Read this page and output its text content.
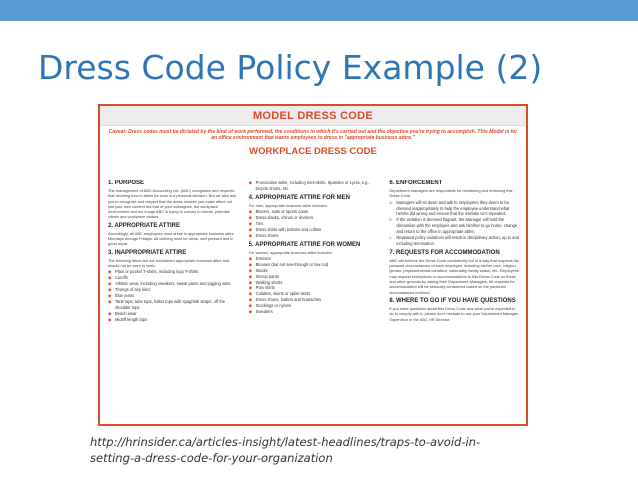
Dress Code Policy Example (2)
MODEL DRESS CODE
Caveat: Dress codes must be dictated by the kind of work performed, the conditions in which it's carried out and the objective you're trying to accomplish. This Model is for an office environment that wants employees to dress in "appropriate business attire."
WORKPLACE DRESS CODE
1. PURPOSE

The management of ABC Accounting Ltd. (ABC) recognizes and respects that deciding how to dress for work is a personal decision. But we also ask you to recognize and respect that the dress choices you make affect not just your own comfort but that of your colleagues, the workplace environment and the image ABC is trying to convey to clients, potential clients and workplace visitors.

2. APPROPRIATE ATTIRE

Accordingly, all ABC employees must dress in appropriate business attire Mondays through Fridays. All clothing must be clean, well pressed and in good repair.

3. INAPPROPRIATE ATTIRE

The following items are not considered appropriate business attire and should not be worn to work:

◆ Plain or pocket T-shirts, including logo T-shirts
◆ Cutoffs
◆ Athletic wear, including sneakers, sweat pants and jogging suits
◆ Thongs of any kind
◆ Blue jeans
◆ Tank tops, tube tops, halter tops with spaghetti straps, off the shoulder tops
◆ Beach wear
◆ Midriff length tops
◆ Provocative attire, including mini-skirts, Spandex or Lycra, e.g., bicycle shorts, etc.
4. APPROPRIATE ATTIRE FOR MEN

For men, appropriate business attire includes:

◆ Blazers, suits or sports coats
◆ Dress slacks, chinos or dockers
◆ Ties
◆ Dress shirts with buttons and collars
◆ Dress shoes
5. APPROPRIATE ATTIRE FOR WOMEN

For women, appropriate business attire includes:

◆ Dresses
◆ Blouses (but not see-through or low cut)
◆ Slacks
◆ Stirrup pants
◆ Walking shorts
◆ Polo shirts
◆ Culottes, skorts or splint skirts
◆ Dress shoes, loafers and huaraches
◆ Stockings or nylons
◆ Sweaters
6. ENFORCEMENT

Department managers are responsible for monitoring and enforcing this Dress Code:

a. Managers will sit down and talk to employees they deem to be dressed inappropriately to help the employee understand what he/she did wrong and ensure that the mistake isn't repeated;
b. If the violation is deemed flagrant, the Manager will hold the discussion with the employee and ask him/her to go home, change and return to the office in appropriate attire;
c. Repeated policy violations will result in disciplinary action, up to and including termination.
7. REQUESTS FOR ACCOMMODATION

ABC will enforce the Dress Code consistently but in a way that respects the personal circumstances of each employee, including his/her race, religion, gender, physical/mental condition, nationality, family status, etc. Employees may request exemptions or accommodations to this Dress Code on these and other grounds by asking their Department Managers. All requests for accommodation will be seriously considered based on the particular circumstances involved.

8. WHERE TO GO IF YOU HAVE QUESTIONS

If you have questions about this Dress Code and what you're expected to do to comply with it, please don't hesitate to ask your Department Manager, Supervisor or the ABC HR Director.

http://hrinsider.ca/articles-insight/latest-headlines/traps-to-avoid-in-
setting-a-dress-code-for-your-organization
